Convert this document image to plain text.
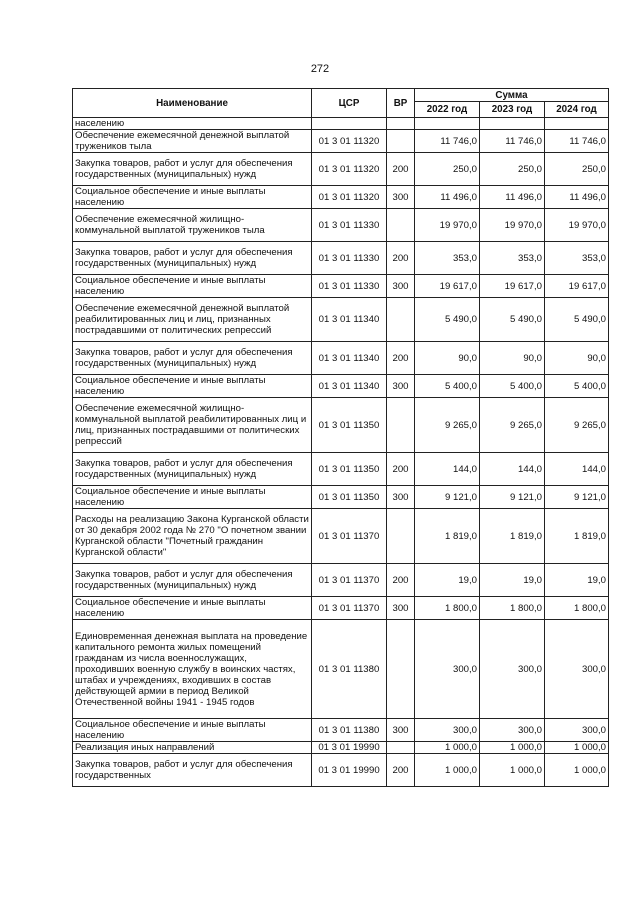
272
Наименование	ЦСР	ВР	Сумма		
			2022 год	2023 год	2024 год
населению					
Обеспечение ежемесячной денежной выплатой тружеников тыла	01 3 01 11320		11 746,0	11 746,0	11 746,0
Закупка товаров, работ и услуг для обеспечения государственных (муниципальных) нужд	01 3 01 11320	200	250,0	250,0	250,0
Социальное обеспечение и иные выплаты населению	01 3 01 11320	300	11 496,0	11 496,0	11 496,0
Обеспечение ежемесячной жилищно-коммунальной выплатой тружеников тыла	01 3 01 11330		19 970,0	19 970,0	19 970,0
Закупка товаров, работ и услуг для обеспечения государственных (муниципальных) нужд	01 3 01 11330	200	353,0	353,0	353,0
Социальное обеспечение и иные выплаты населению	01 3 01 11330	300	19 617,0	19 617,0	19 617,0
Обеспечение ежемесячной денежной выплатой реабилитированных лиц и лиц, признанных пострадавшими от политических репрессий	01 3 01 11340		5 490,0	5 490,0	5 490,0
Закупка товаров, работ и услуг для обеспечения государственных (муниципальных) нужд	01 3 01 11340	200	90,0	90,0	90,0
Социальное обеспечение и иные выплаты населению	01 3 01 11340	300	5 400,0	5 400,0	5 400,0
Обеспечение ежемесячной жилищно-коммунальной выплатой реабилитированных лиц и лиц, признанных пострадавшими от политических репрессий	01 3 01 11350		9 265,0	9 265,0	9 265,0
Закупка товаров, работ и услуг для обеспечения государственных (муниципальных) нужд	01 3 01 11350	200	144,0	144,0	144,0
Социальное обеспечение и иные выплаты населению	01 3 01 11350	300	9 121,0	9 121,0	9 121,0
Расходы на реализацию Закона Курганской области от 30 декабря 2002 года № 270 "О почетном звании Курганской области "Почетный гражданин Курганской области"	01 3 01 11370		1 819,0	1 819,0	1 819,0
Закупка товаров, работ и услуг для обеспечения государственных (муниципальных) нужд	01 3 01 11370	200	19,0	19,0	19,0
Социальное обеспечение и иные выплаты населению	01 3 01 11370	300	1 800,0	1 800,0	1 800,0
Единовременная денежная выплата на проведение капитального ремонта жилых помещений гражданам из числа военнослужащих, проходивших военную службу в воинских частях, штабах и учреждениях, входивших в состав действующей армии в период Великой Отечественной войны 1941 - 1945 годов	01 3 01 11380		300,0	300,0	300,0
Социальное обеспечение и иные выплаты населению	01 3 01 11380	300	300,0	300,0	300,0
Реализация иных направлений	01 3 01 19990		1 000,0	1 000,0	1 000,0
Закупка товаров, работ и услуг для обеспечения государственных	01 3 01 19990	200	1 000,0	1 000,0	1 000,0
